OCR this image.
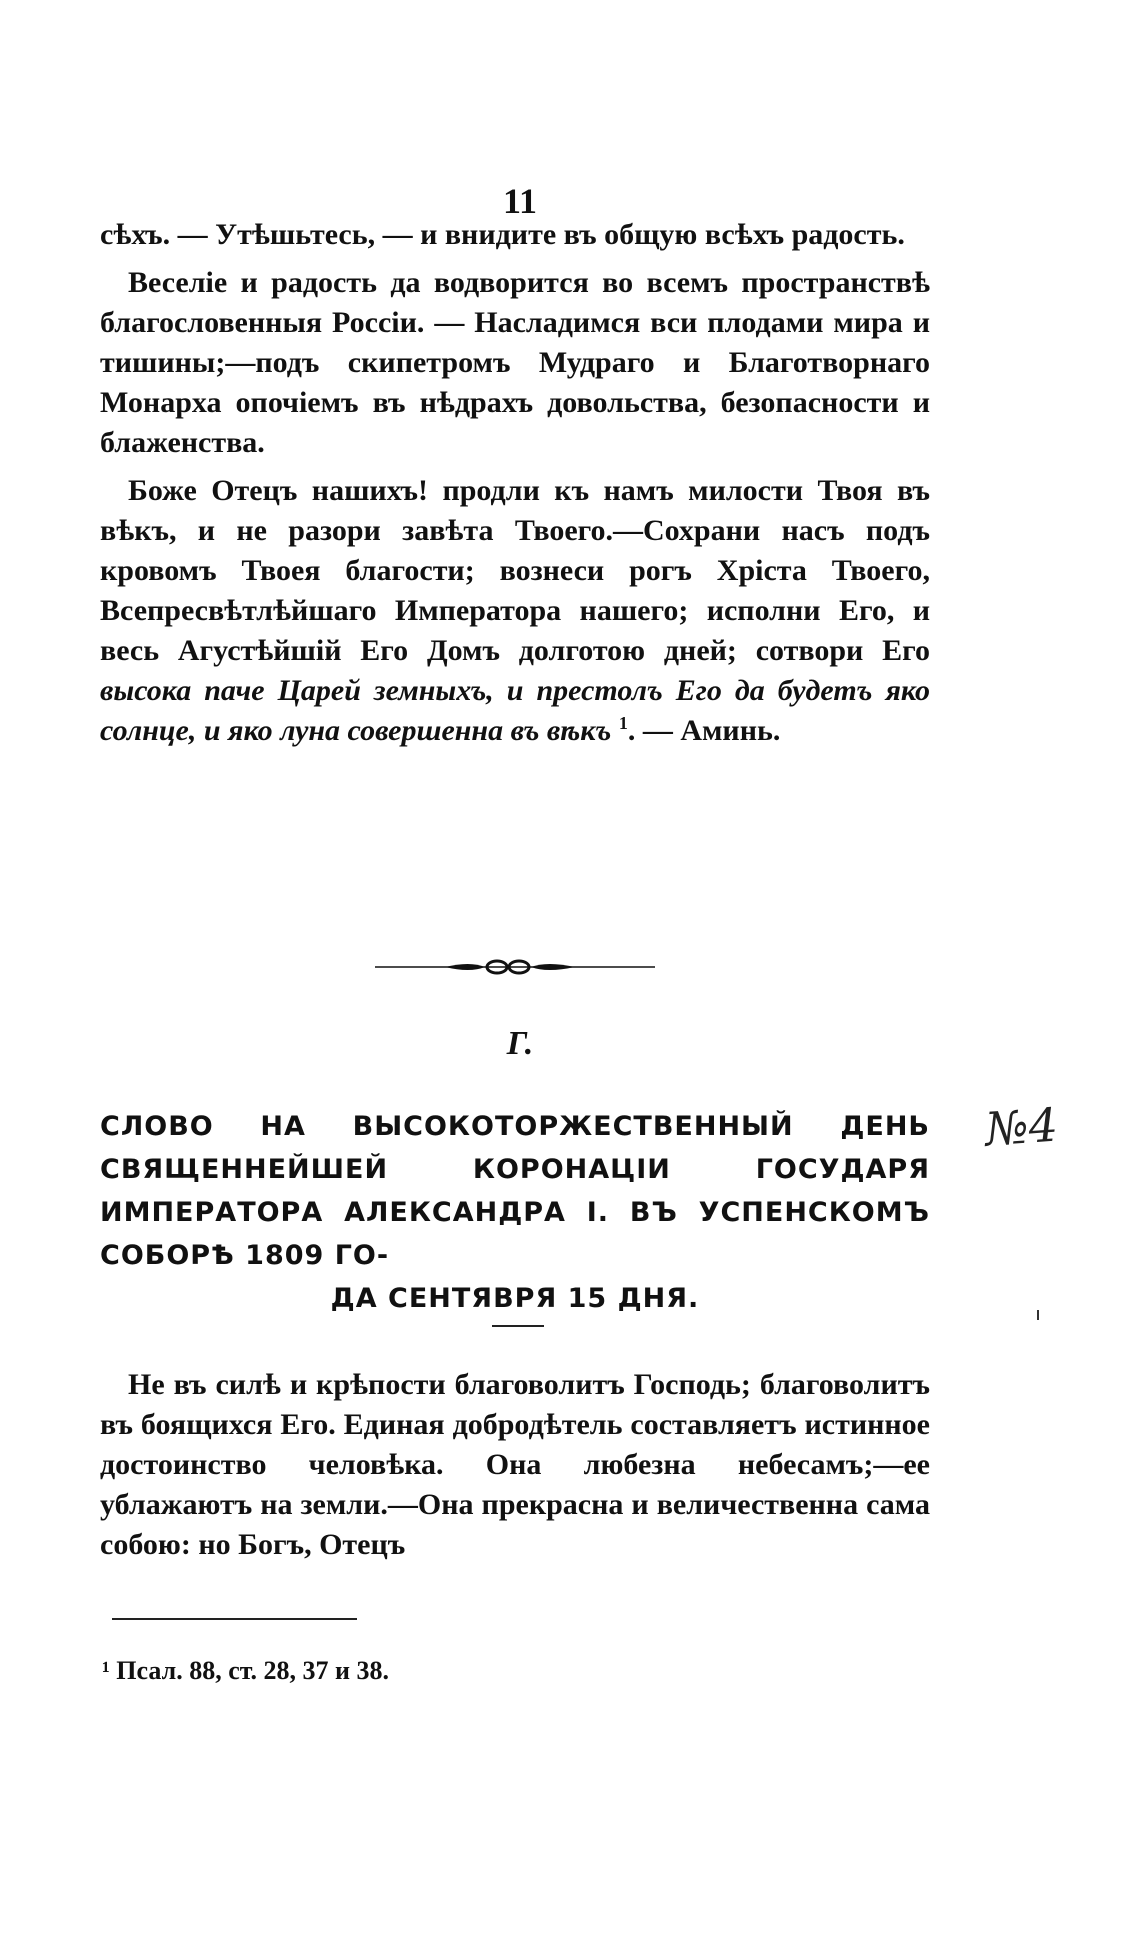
11

сѣхъ. — Утѣшьтесь, — и внидите въ общую всѣхъ радость.

Веселіе и радость да водворится во всемъ пространствѣ благословенныя Россіи. — Насладимся вси плодами мира и тишины;—подъ скипетромъ Мудраго и Благотворнаго Монарха опочіемъ въ нѣдрахъ довольства, безопасности и блаженства.

Боже Отецъ нашихъ! продли къ намъ милости Твоя въ вѣкъ, и не разори завѣта Твоего.—Сохрани насъ подъ кровомъ Твоея благости; вознеси рогъ Хріста Твоего, Всепресвѣтлѣйшаго Императора нашего; исполни Его, и весь Агустѣйшій Его Домъ долготою дней; сотвори Его высока паче Царей земныхъ, и престолъ Его да будетъ яко солнце, и яко луна совершенна въ вѣкъ $^1$. — Аминь.

Г.

СЛОВО НА ВЫСОКОТОРЖЕСТВЕННЫЙ ДЕНЬ СВЯЩЕННЕЙШЕЙ КОРОНАЦІИ ГОСУДАРЯ ИМПЕРАТОРА АЛЕКСАНДРА I. ВЪ УСПЕНСКОМЪ СОБОРѢ 1809 ГО-

ДА СЕНТЯВРЯ 15 ДНЯ.

№4

Не въ силѣ и крѣпости благоволитъ Господь; благоволитъ въ боящихся Его. Единая добродѣтель составляетъ истинное достоинство человѣка. Она любезна небесамъ;—ее ублажаютъ на земли.—Она прекрасна и величественна сама собою: но Богъ, Отецъ

¹ Псал. 88, ст. 28, 37 и 38.
